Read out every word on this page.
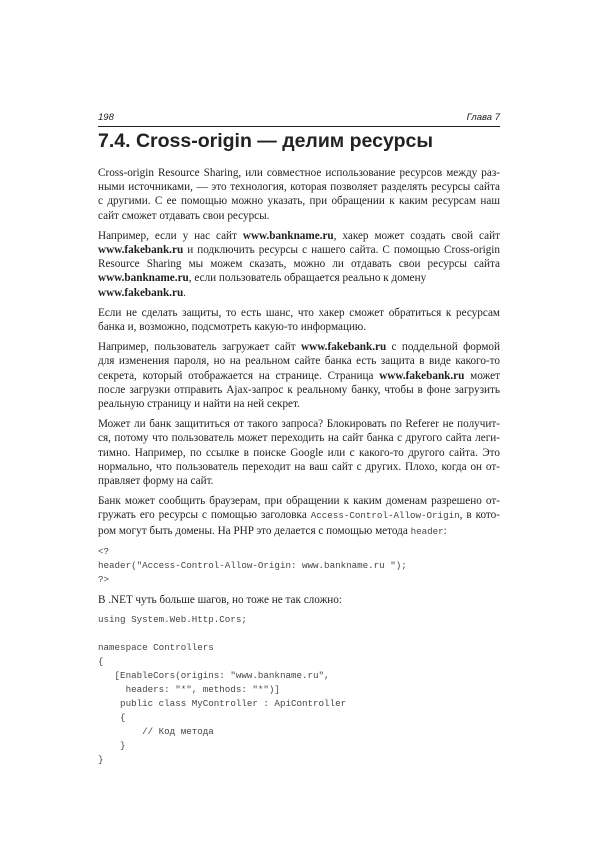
198	Глава 7
7.4. Cross-origin — делим ресурсы

Cross-origin Resource Sharing, или совместное использование ресурсов между разными источниками, — это технология, которая позволяет разделять ресурсы сайта с другими. С ее помощью можно указать, при обращении к каким ресурсам наш сайт сможет отдавать свои ресурсы.

Например, если у нас сайт www.bankname.ru, хакер может создать свой сайт www.fakebank.ru и подключить ресурсы с нашего сайта. С помощью Cross-origin Resource Sharing мы можем сказать, можно ли отдавать свои ресурсы сайта www.bankname.ru, если пользователь обращается реально к домену
www.fakebank.ru.

Если не сделать защиты, то есть шанс, что хакер сможет обратиться к ресурсам банка и, возможно, подсмотреть какую-то информацию.

Например, пользователь загружает сайт www.fakebank.ru с поддельной формой для изменения пароля, но на реальном сайте банка есть защита в виде какого-то секрета, который отображается на странице. Страница www.fakebank.ru может после загрузки отправить Ajax-запрос к реальному банку, чтобы в фоне загрузить реальную страницу и найти на ней секрет.

Может ли банк защититься от такого запроса? Блокировать по Referer не получится, потому что пользователь может переходить на сайт банка с другого сайта легитимно. Например, по ссылке в поиске Google или с какого-то другого сайта. Это нормально, что пользователь переходит на ваш сайт с других. Плохо, когда он отправляет форму на сайт.

Банк может сообщить браузерам, при обращении к каким доменам разрешено отгружать его ресурсы с помощью заголовка Access-Control-Allow-Origin, в котором могут быть домены. На PHP это делается с помощью метода header:

<?
header("Access-Control-Allow-Origin: www.bankname.ru ");
?>

В .NET чуть больше шагов, но тоже не так сложно:

using System.Web.Http.Cors;

namespace Controllers
{
[EnableCors(origins: "www.bankname.ru",
headers: "*", methods: "*")]
public class MyController : ApiController
{
// Код метода
}
}
